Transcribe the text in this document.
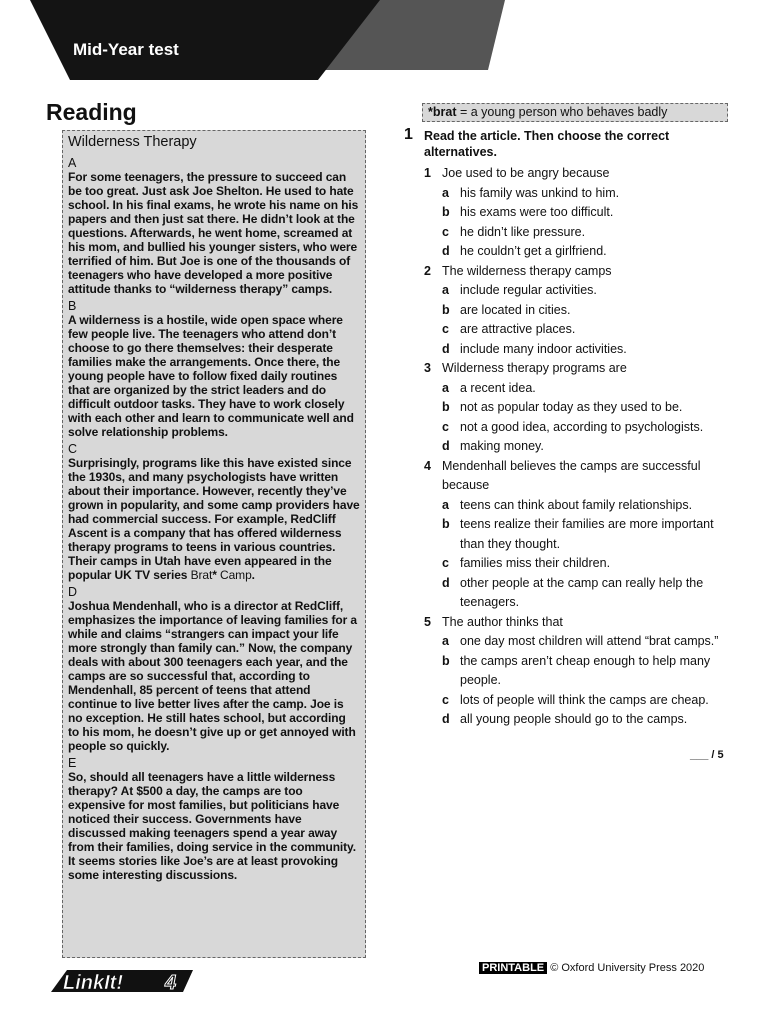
Mid-Year test
Reading
Wilderness Therapy
A
For some teenagers, the pressure to succeed can be too great. Just ask Joe Shelton. He used to hate school. In his final exams, he wrote his name on his papers and then just sat there. He didn’t look at the questions. Afterwards, he went home, screamed at his mom, and bullied his younger sisters, who were terrified of him. But Joe is one of the thousands of teenagers who have developed a more positive attitude thanks to “wilderness therapy” camps.
B
A wilderness is a hostile, wide open space where few people live. The teenagers who attend don’t choose to go there themselves: their desperate families make the arrangements. Once there, the young people have to follow fixed daily routines that are organized by the strict leaders and do difficult outdoor tasks. They have to work closely with each other and learn to communicate well and solve relationship problems.
C
Surprisingly, programs like this have existed since the 1930s, and many psychologists have written about their importance. However, recently they’ve grown in popularity, and some camp providers have had commercial success. For example, RedCliff Ascent is a company that has offered wilderness therapy programs to teens in various countries. Their camps in Utah have even appeared in the popular UK TV series Brat* Camp.
D
Joshua Mendenhall, who is a director at RedCliff, emphasizes the importance of leaving families for a while and claims “strangers can impact your life more strongly than family can.” Now, the company deals with about 300 teenagers each year, and the camps are so successful that, according to Mendenhall, 85 percent of teens that attend continue to live better lives after the camp. Joe is no exception. He still hates school, but according to his mom, he doesn’t give up or get annoyed with people so quickly.
E
So, should all teenagers have a little wilderness therapy? At $500 a day, the camps are too expensive for most families, but politicians have noticed their success. Governments have discussed making teenagers spend a year away from their families, doing service in the community. It seems stories like Joe’s are at least provoking some interesting discussions.
*brat = a young person who behaves badly
1 Read the article. Then choose the correct alternatives.
1 Joe used to be angry because
a his family was unkind to him.
b his exams were too difficult.
c he didn’t like pressure.
d he couldn’t get a girlfriend.
2 The wilderness therapy camps
a include regular activities.
b are located in cities.
c are attractive places.
d include many indoor activities.
3 Wilderness therapy programs are
a a recent idea.
b not as popular today as they used to be.
c not a good idea, according to psychologists.
d making money.
4 Mendenhall believes the camps are successful because
a teens can think about family relationships.
b teens realize their families are more important than they thought.
c families miss their children.
d other people at the camp can really help the teenagers.
5 The author thinks that
a one day most children will attend “brat camps.”
b the camps aren’t cheap enough to help many people.
c lots of people will think the camps are cheap.
d all young people should go to the camps.
___ / 5
LinkIt! 4
PRINTABLE © Oxford University Press 2020
